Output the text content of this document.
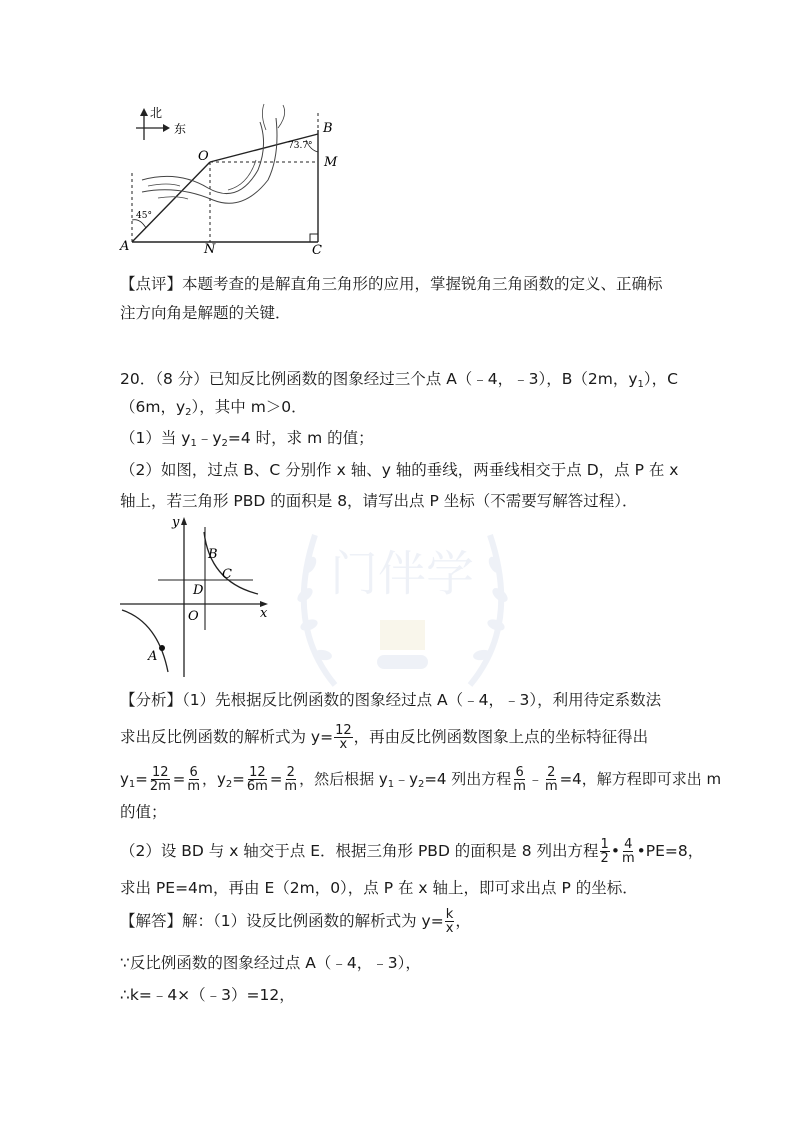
门伴学
北
东	B
O	M
A	N	C
73.7°
45°
【点评】本题考查的是解直角三角形的应用，掌握锐角三角函数的定义、正确标
注方向角是解题的关键．
20．（8 分）已知反比例函数的图象经过三个点 A（﹣4，﹣3），B（2m，$y_1$），C
（6m，$y_2$），其中 m＞0．
（1）当 $y_1﹣y_2=4$ 时，求 m 的值；
（2）如图，过点 B、C 分别作 x 轴、y 轴的垂线，两垂线相交于点 D，点 P 在 x
轴上，若三角形 PBD 的面积是 8，请写出点 P 坐标（不需要写解答过程）．
y
x
B
C
D
O
A
【分析】（1）先根据反比例函数的图象经过点 A（﹣4，﹣3），利用待定系数法
求出反比例函数的解析式为 $y= \frac{12}{x}$ ，再由反比例函数图象上点的坐标特征得出
$y_1= \frac{12}{2m} = \frac{6}{m}$ ，$y_2= \frac{12}{6m} = \frac{2}{m}$ ，然后根据 $y_1﹣y_2=4$ 列出方程 $\frac{6}{m}$ ﹣ $\frac{2}{m} =4$，解方程即可求出 m
的值；
（2）设 BD 与 x 轴交于点 E．根据三角形 PBD 的面积是 8 列出方程 $\frac{1}{2}$ • $\frac{4}{m}$ •PE=8，
求出 PE=4m，再由 E（2m，0），点 P 在 x 轴上，即可求出点 P 的坐标．
【解答】解：（1）设反比例函数的解析式为 $y= \frac{k}{x}$ ，
∵反比例函数的图象经过点 A（﹣4，﹣3），
∴k=﹣4×（﹣3）=12，
